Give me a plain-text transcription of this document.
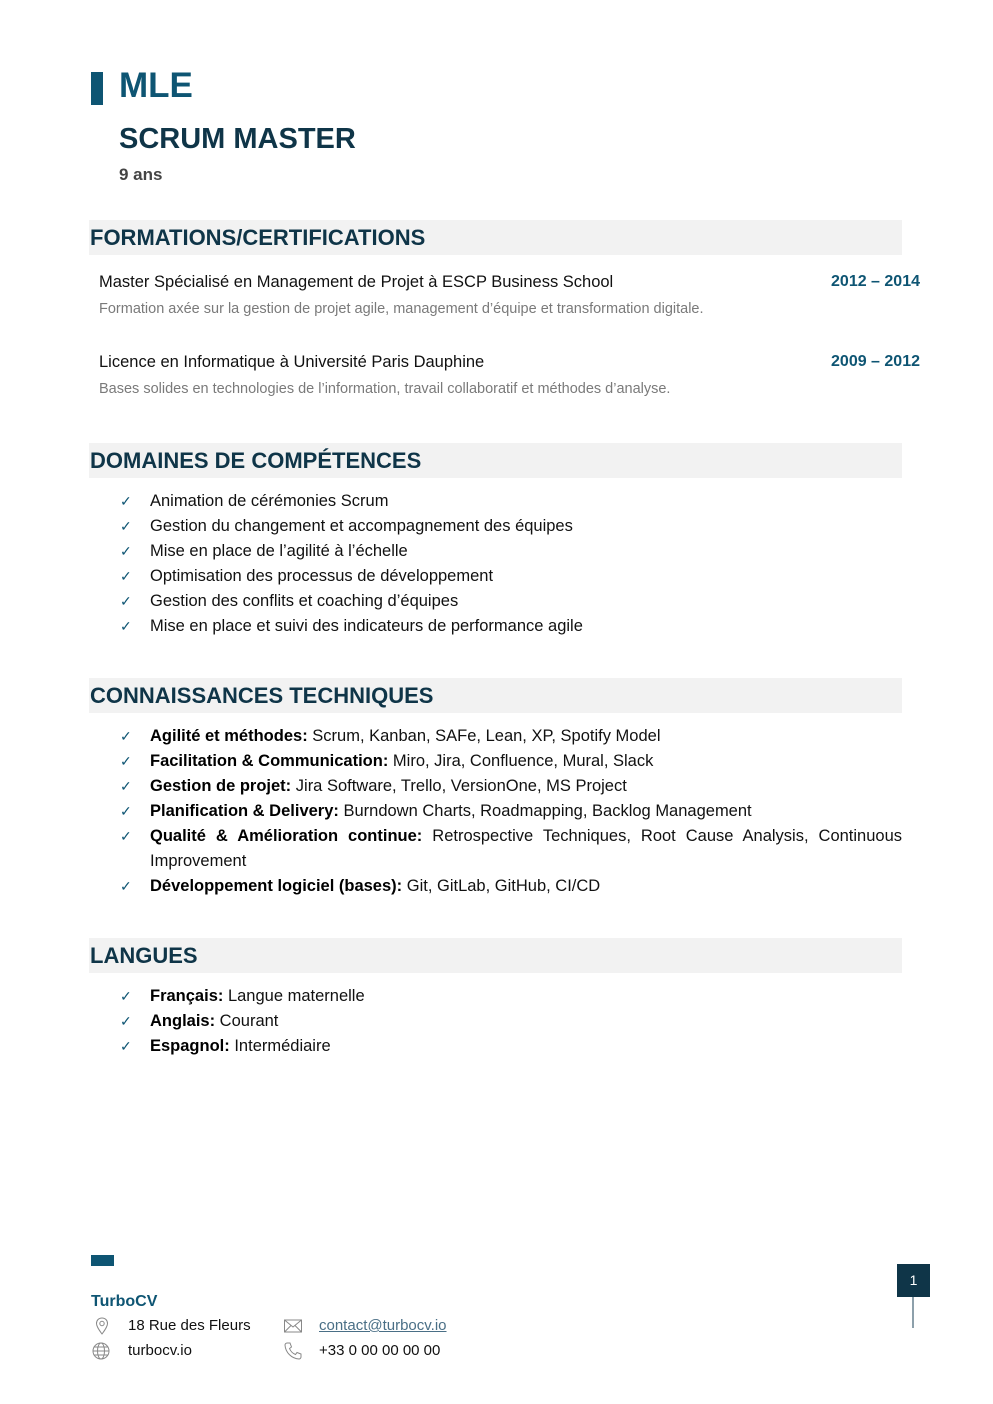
MLE
SCRUM MASTER
9 ans
FORMATIONS/CERTIFICATIONS
Master Spécialisé en Management de Projet à ESCP Business School	2012 – 2014
Formation axée sur la gestion de projet agile, management d’équipe et transformation digitale.
Licence en Informatique à Université Paris Dauphine	2009 – 2012
Bases solides en technologies de l’information, travail collaboratif et méthodes d’analyse.
DOMAINES DE COMPÉTENCES
✓ Animation de cérémonies Scrum
✓ Gestion du changement et accompagnement des équipes
✓ Mise en place de l’agilité à l’échelle
✓ Optimisation des processus de développement
✓ Gestion des conflits et coaching d’équipes
✓ Mise en place et suivi des indicateurs de performance agile
CONNAISSANCES TECHNIQUES
✓ Agilité et méthodes: Scrum, Kanban, SAFe, Lean, XP, Spotify Model
✓ Facilitation & Communication: Miro, Jira, Confluence, Mural, Slack
✓ Gestion de projet: Jira Software, Trello, VersionOne, MS Project
✓ Planification & Delivery: Burndown Charts, Roadmapping, Backlog Management
✓ Qualité & Amélioration continue: Retrospective Techniques, Root Cause Analysis, Continuous Improvement
✓ Développement logiciel (bases): Git, GitLab, GitHub, CI/CD
LANGUES
✓ Français: Langue maternelle
✓ Anglais: Courant
✓ Espagnol: Intermédiaire
TurboCV
18 Rue des Fleurs
turbocv.io
contact@turbocv.io
+33 0 00 00 00 00
1
